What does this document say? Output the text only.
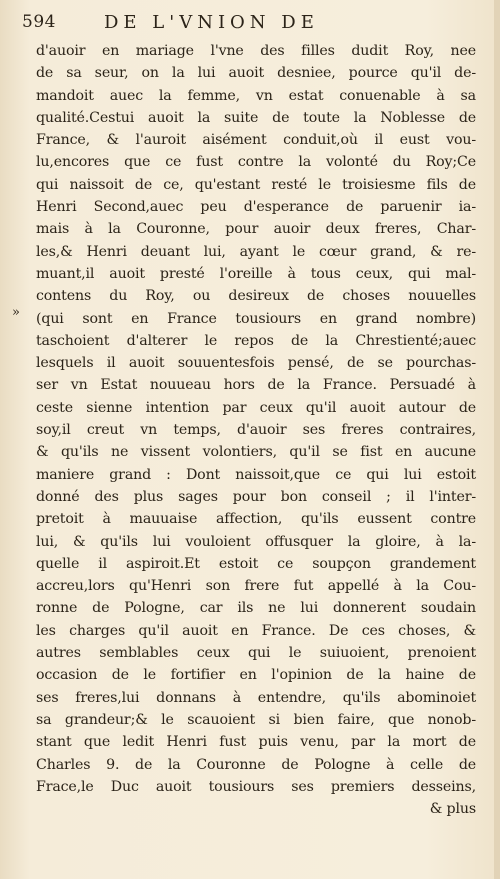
594	DE L'VNION DE
»
d'auoir en mariage l'vne des filles dudit Roy, nee
de sa seur, on la lui auoit desniee, pource qu'il de-
mandoit auec la femme, vn estat conuenable à sa
qualité.Cestui auoit la suite de toute la Noblesse de
France, & l'auroit aisément conduit,où il eust vou-
lu,encores que ce fust contre la volonté du Roy;Ce
qui naissoit de ce, qu'estant resté le troisiesme fils de
Henri Second,auec peu d'esperance de paruenir ia-
mais à la Couronne, pour auoir deux freres, Char-
les,& Henri deuant lui, ayant le cœur grand, & re-
muant,il auoit presté l'oreille à tous ceux, qui mal-
contens du Roy, ou desireux de choses nouuelles
(qui sont en France tousiours en grand nombre)
taschoient d'alterer le repos de la Chrestienté;auec
lesquels il auoit souuentesfois pensé, de se pourchas-
ser vn Estat nouueau hors de la France. Persuadé à
ceste sienne intention par ceux qu'il auoit autour de
soy,il creut vn temps, d'auoir ses freres contraires,
& qu'ils ne vissent volontiers, qu'il se fist en aucune
maniere grand : Dont naissoit,que ce qui lui estoit
donné des plus sages pour bon conseil ; il l'inter-
pretoit à mauuaise affection, qu'ils eussent contre
lui, & qu'ils lui vouloient offusquer la gloire, à la-
quelle il aspiroit.Et estoit ce soupçon grandement
accreu,lors qu'Henri son frere fut appellé à la Cou-
ronne de Pologne, car ils ne lui donnerent soudain
les charges qu'il auoit en France. De ces choses, &
autres semblables ceux qui le suiuoient, prenoient
occasion de le fortifier en l'opinion de la haine de
ses freres,lui donnans à entendre, qu'ils abominoiet
sa grandeur;& le scauoient si bien faire, que nonob-
stant que ledit Henri fust puis venu, par la mort de
Charles 9. de la Couronne de Pologne à celle de
Frace,le Duc auoit tousiours ses premiers desseins,
& plus
